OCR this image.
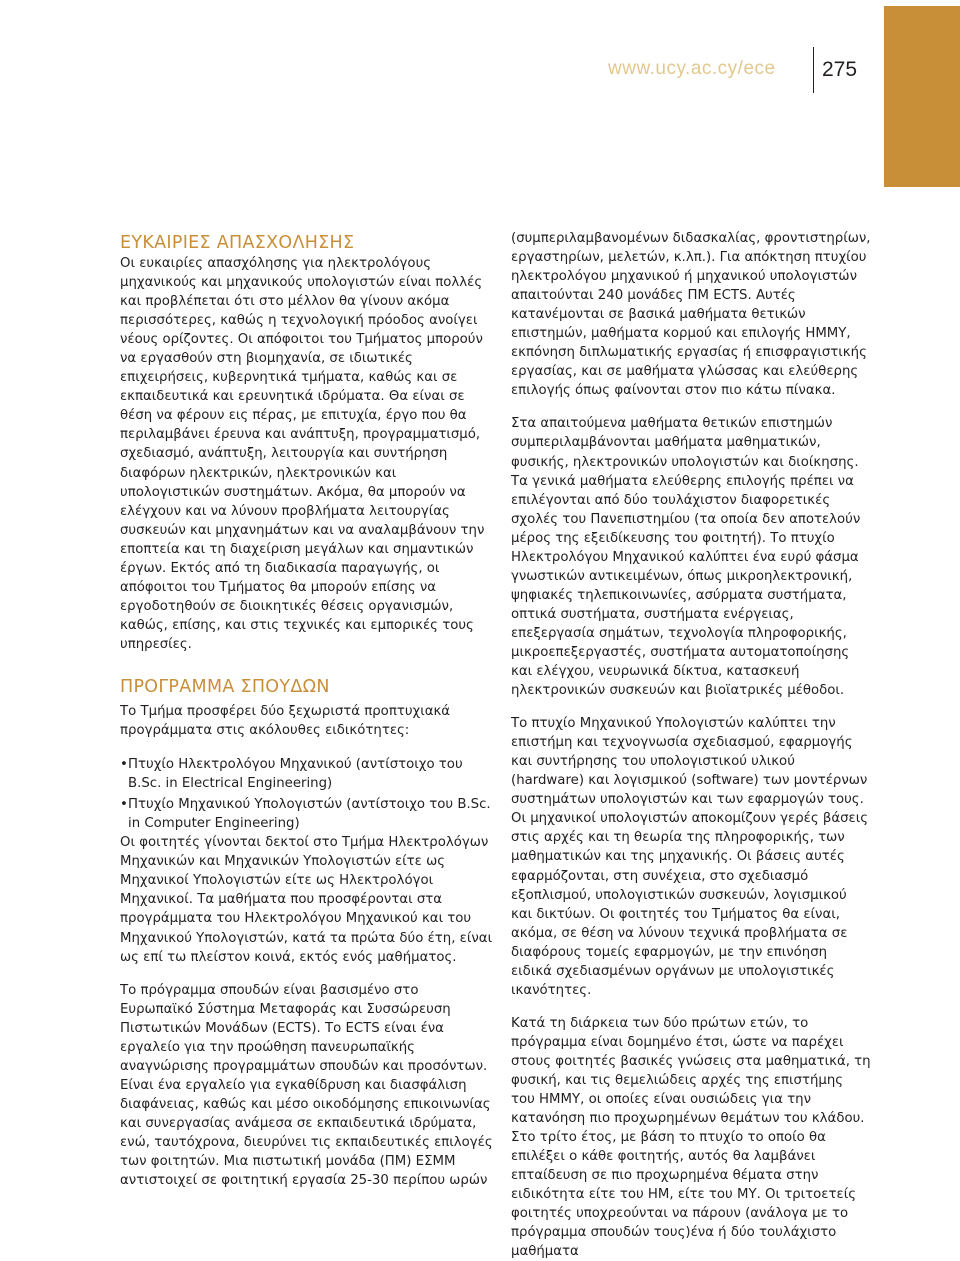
www.ucy.ac.cy/ece 275
ΕΥΚΑΙΡΙΕΣ ΑΠΑΣΧΟΛΗΣΗΣ

Οι ευκαιρίες απασχόλησης για ηλεκτρολόγους μηχανικούς και μηχανικούς υπολογιστών είναι πολλές και προβλέπεται ότι στο μέλλον θα γίνουν ακόμα περισσότερες, καθώς η τεχνολογική πρόοδος ανοίγει νέους ορίζοντες. Οι απόφοιτοι του Τμήματος μπορούν να εργασθούν στη βιομηχανία, σε ιδιωτικές επιχειρήσεις, κυβερνητικά τμήματα, καθώς και σε εκπαιδευτικά και ερευνητικά ιδρύματα. Θα είναι σε θέση να φέρουν εις πέρας, με επιτυχία, έργο που θα περιλαμβάνει έρευνα και ανάπτυξη, προγραμματισμό, σχεδιασμό, ανάπτυξη, λειτουργία και συντήρηση διαφόρων ηλεκτρικών, ηλεκτρονικών και υπολογιστικών συστημάτων. Ακόμα, θα μπορούν να ελέγχουν και να λύνουν προβλήματα λειτουργίας συσκευών και μηχανημάτων και να αναλαμβάνουν την εποπτεία και τη διαχείριση μεγάλων και σημαντικών έργων. Εκτός από τη διαδικασία παραγωγής, οι απόφοιτοι του Τμήματος θα μπορούν επίσης να εργοδοτηθούν σε διοικητικές θέσεις οργανισμών, καθώς, επίσης, και στις τεχνικές και εμπορικές τους υπηρεσίες.

ΠΡΟΓΡΑΜΜΑ ΣΠΟΥΔΩΝ

Το Τμήμα προσφέρει δύο ξεχωριστά προπτυχιακά προγράμματα στις ακόλουθες ειδικότητες:

• Πτυχίο Ηλεκτρολόγου Μηχανικού (αντίστοιχο του B.Sc. in Electrical Engineering)
• Πτυχίο Μηχανικού Υπολογιστών (αντίστοιχο του B.Sc. in Computer Engineering)

Οι φοιτητές γίνονται δεκτοί στο Τμήμα Ηλεκτρολόγων Μηχανικών και Μηχανικών Υπολογιστών είτε ως Μηχανικοί Υπολογιστών είτε ως Ηλεκτρολόγοι Μηχανικοί. Τα μαθήματα που προσφέρονται στα προγράμματα του Ηλεκτρολόγου Μηχανικού και του Μηχανικού Υπολογιστών, κατά τα πρώτα δύο έτη, είναι ως επί τω πλείστον κοινά, εκτός ενός μαθήματος.

Το πρόγραμμα σπουδών είναι βασισμένο στο Ευρωπαϊκό Σύστημα Μεταφοράς και Συσσώρευση Πιστωτικών Μονάδων (ECTS). Το ECTS είναι ένα εργαλείο για την προώθηση πανευρωπαϊκής αναγνώρισης προγραμμάτων σπουδών και προσόντων. Είναι ένα εργαλείο για εγκαθίδρυση και διασφάλιση διαφάνειας, καθώς και μέσο οικοδόμησης επικοινωνίας και συνεργασίας ανάμεσα σε εκπαιδευτικά ιδρύματα, ενώ, ταυτόχρονα, διευρύνει τις εκπαιδευτικές επιλογές των φοιτητών. Μια πιστωτική μονάδα (ΠΜ) ΕΣΜΜ αντιστοιχεί σε φοιτητική εργασία 25-30 περίπου ωρών

(συμπεριλαμβανομένων διδασκαλίας, φροντιστηρίων, εργαστηρίων, μελετών, κ.λπ.). Για απόκτηση πτυχίου ηλεκτρολόγου μηχανικού ή μηχανικού υπολογιστών απαιτούνται 240 μονάδες ΠΜ ECTS. Αυτές κατανέμονται σε βασικά μαθήματα θετικών επιστημών, μαθήματα κορμού και επιλογής ΗΜΜΥ, εκπόνηση διπλωματικής εργασίας ή επισφραγιστικής εργασίας, και σε μαθήματα γλώσσας και ελεύθερης επιλογής όπως φαίνονται στον πιο κάτω πίνακα.

Στα απαιτούμενα μαθήματα θετικών επιστημών συμπεριλαμβάνονται μαθήματα μαθηματικών, φυσικής, ηλεκτρονικών υπολογιστών και διοίκησης. Τα γενικά μαθήματα ελεύθερης επιλογής πρέπει να επιλέγονται από δύο τουλάχιστον διαφορετικές σχολές του Πανεπιστημίου (τα οποία δεν αποτελούν μέρος της εξειδίκευσης του φοιτητή). Το πτυχίο Ηλεκτρολόγου Μηχανικού καλύπτει ένα ευρύ φάσμα γνωστικών αντικειμένων, όπως μικροηλεκτρονική, ψηφιακές τηλεπικοινωνίες, ασύρματα συστήματα, οπτικά συστήματα, συστήματα ενέργειας, επεξεργασία σημάτων, τεχνολογία πληροφορικής, μικροεπεξεργαστές, συστήματα αυτοματοποίησης και ελέγχου, νευρωνικά δίκτυα, κατασκευή ηλεκτρονικών συσκευών και βιοϊατρικές μέθοδοι.

Το πτυχίο Μηχανικού Υπολογιστών καλύπτει την επιστήμη και τεχνογνωσία σχεδιασμού, εφαρμογής και συντήρησης του υπολογιστικού υλικού (hardware) και λογισμικού (software) των μοντέρνων συστημάτων υπολογιστών και των εφαρμογών τους. Οι μηχανικοί υπολογιστών αποκομίζουν γερές βάσεις στις αρχές και τη θεωρία της πληροφορικής, των μαθηματικών και της μηχανικής. Οι βάσεις αυτές εφαρμόζονται, στη συνέχεια, στο σχεδιασμό εξοπλισμού, υπολογιστικών συσκευών, λογισμικού και δικτύων. Οι φοιτητές του Τμήματος θα είναι, ακόμα, σε θέση να λύνουν τεχνικά προβλήματα σε διαφόρους τομείς εφαρμογών, με την επινόηση ειδικά σχεδιασμένων οργάνων με υπολογιστικές ικανότητες.

Κατά τη διάρκεια των δύο πρώτων ετών, το πρόγραμμα είναι δομημένο έτσι, ώστε να παρέχει στους φοιτητές βασικές γνώσεις στα μαθηματικά, τη φυσική, και τις θεμελιώδεις αρχές της επιστήμης του ΗΜΜΥ, οι οποίες είναι ουσιώδεις για την κατανόηση πιο προχωρημένων θεμάτων του κλάδου. Στο τρίτο έτος, με βάση το πτυχίο το οποίο θα επιλέξει ο κάθε φοιτητής, αυτός θα λαμβάνει επταίδευση σε πιο προχωρημένα θέματα στην ειδικότητα είτε του ΗΜ, είτε του ΜΥ. Οι τριτοετείς φοιτητές υποχρεούνται να πάρουν (ανάλογα με το πρόγραμμα σπουδών τους)ένα ή δύο τουλάχιστο μαθήματα
